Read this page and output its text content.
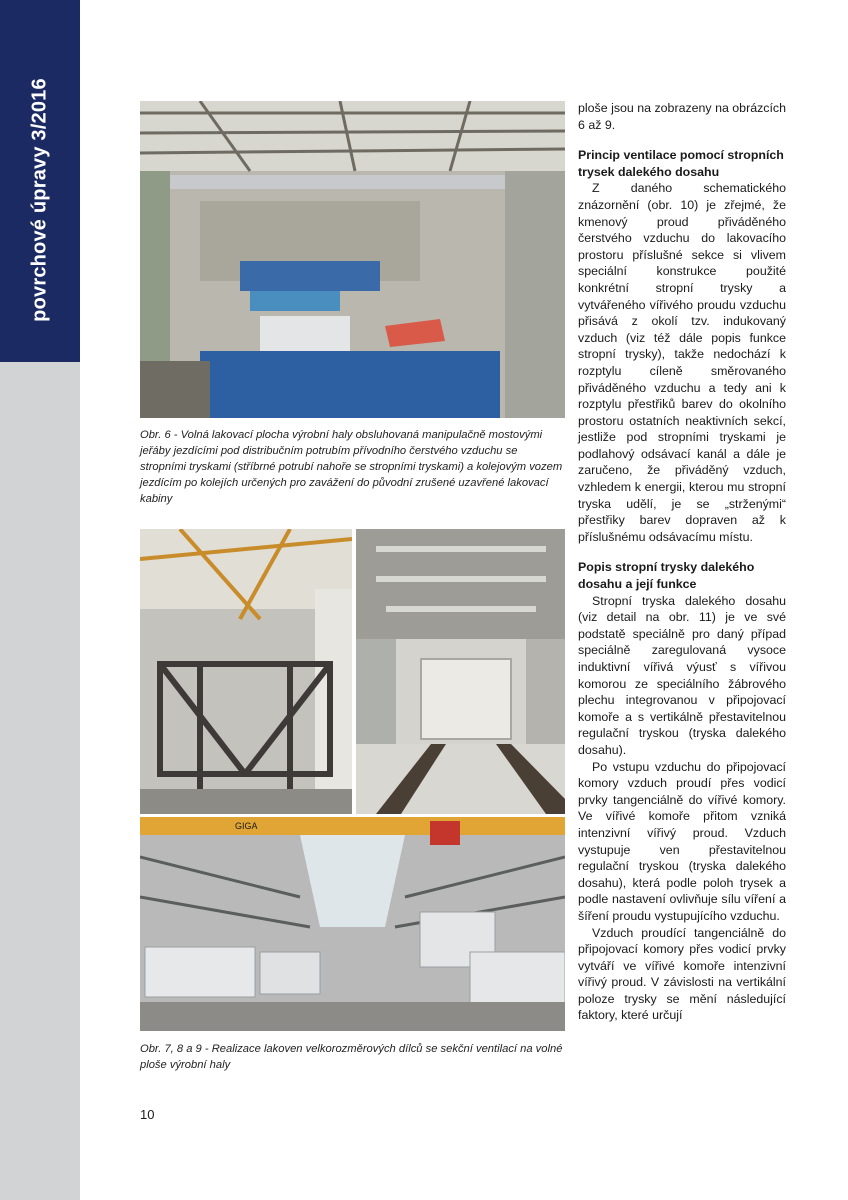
povrchové úpravy 3/2016
Obr. 6 - Volná lakovací plocha výrobní haly obsluhovaná manipulačně mostovými jeřáby jezdícími pod distribučním potrubím přívodního čerstvého vzduchu se stropními tryskami (stříbrné potrubí nahoře se stropními tryskami) a kolejovým vozem jezdícím po kolejích určených pro zavážení do původní zrušené uzavřené lakovací kabiny
GIGA
Obr. 7, 8 a 9 - Realizace lakoven velkorozměrových dílců se sekční ventilací na volné ploše výrobní haly

ploše jsou na zobrazeny na obrázcích 6 až 9.

Princip ventilace pomocí stropních trysek dalekého dosahu

Z daného schematického znázornění (obr. 10) je zřejmé, že kmenový proud přiváděného čerstvého vzduchu do lakovacího prostoru příslušné sekce si vlivem speciální konstrukce použité konkrétní stropní trysky a vytvářeného vířivého proudu vzduchu přisává z okolí tzv. indukovaný vzduch (viz též dále popis funkce stropní trysky), takže nedochází k rozptylu cíleně směrovaného přiváděného vzduchu a tedy ani k rozptylu přestřiků barev do okolního prostoru ostatních neaktivních sekcí, jestliže pod stropními tryskami je podlahový odsávací kanál a dále je zaručeno, že přiváděný vzduch, vzhledem k energii, kterou mu stropní tryska udělí, je se „strženými“ přestřiky barev dopraven až k příslušnému odsávacímu místu.

Popis stropní trysky dalekého dosahu a její funkce

Stropní tryska dalekého dosahu (viz detail na obr. 11) je ve své podstatě speciálně pro daný případ speciálně zaregulovaná vysoce induktivní vířivá výusť s vířivou komorou ze speciálního žábrového plechu integrovanou v připojovací komoře a s vertikálně přestavitelnou regulační tryskou (tryska dalekého dosahu).

Po vstupu vzduchu do připojovací komory vzduch proudí přes vodicí prvky tangenciálně do vířivé komory. Ve vířivé komoře přitom vzniká intenzivní vířivý proud. Vzduch vystupuje ven přestavitelnou regulační tryskou (tryska dalekého dosahu), která podle poloh trysek a podle nastavení ovlivňuje sílu víření a šíření proudu vystupujícího vzduchu.

Vzduch proudící tangenciálně do připojovací komory přes vodicí prvky vytváří ve vířivé komoře intenzivní vířivý proud. V závislosti na vertikální poloze trysky se mění následující faktory, které určují

10
